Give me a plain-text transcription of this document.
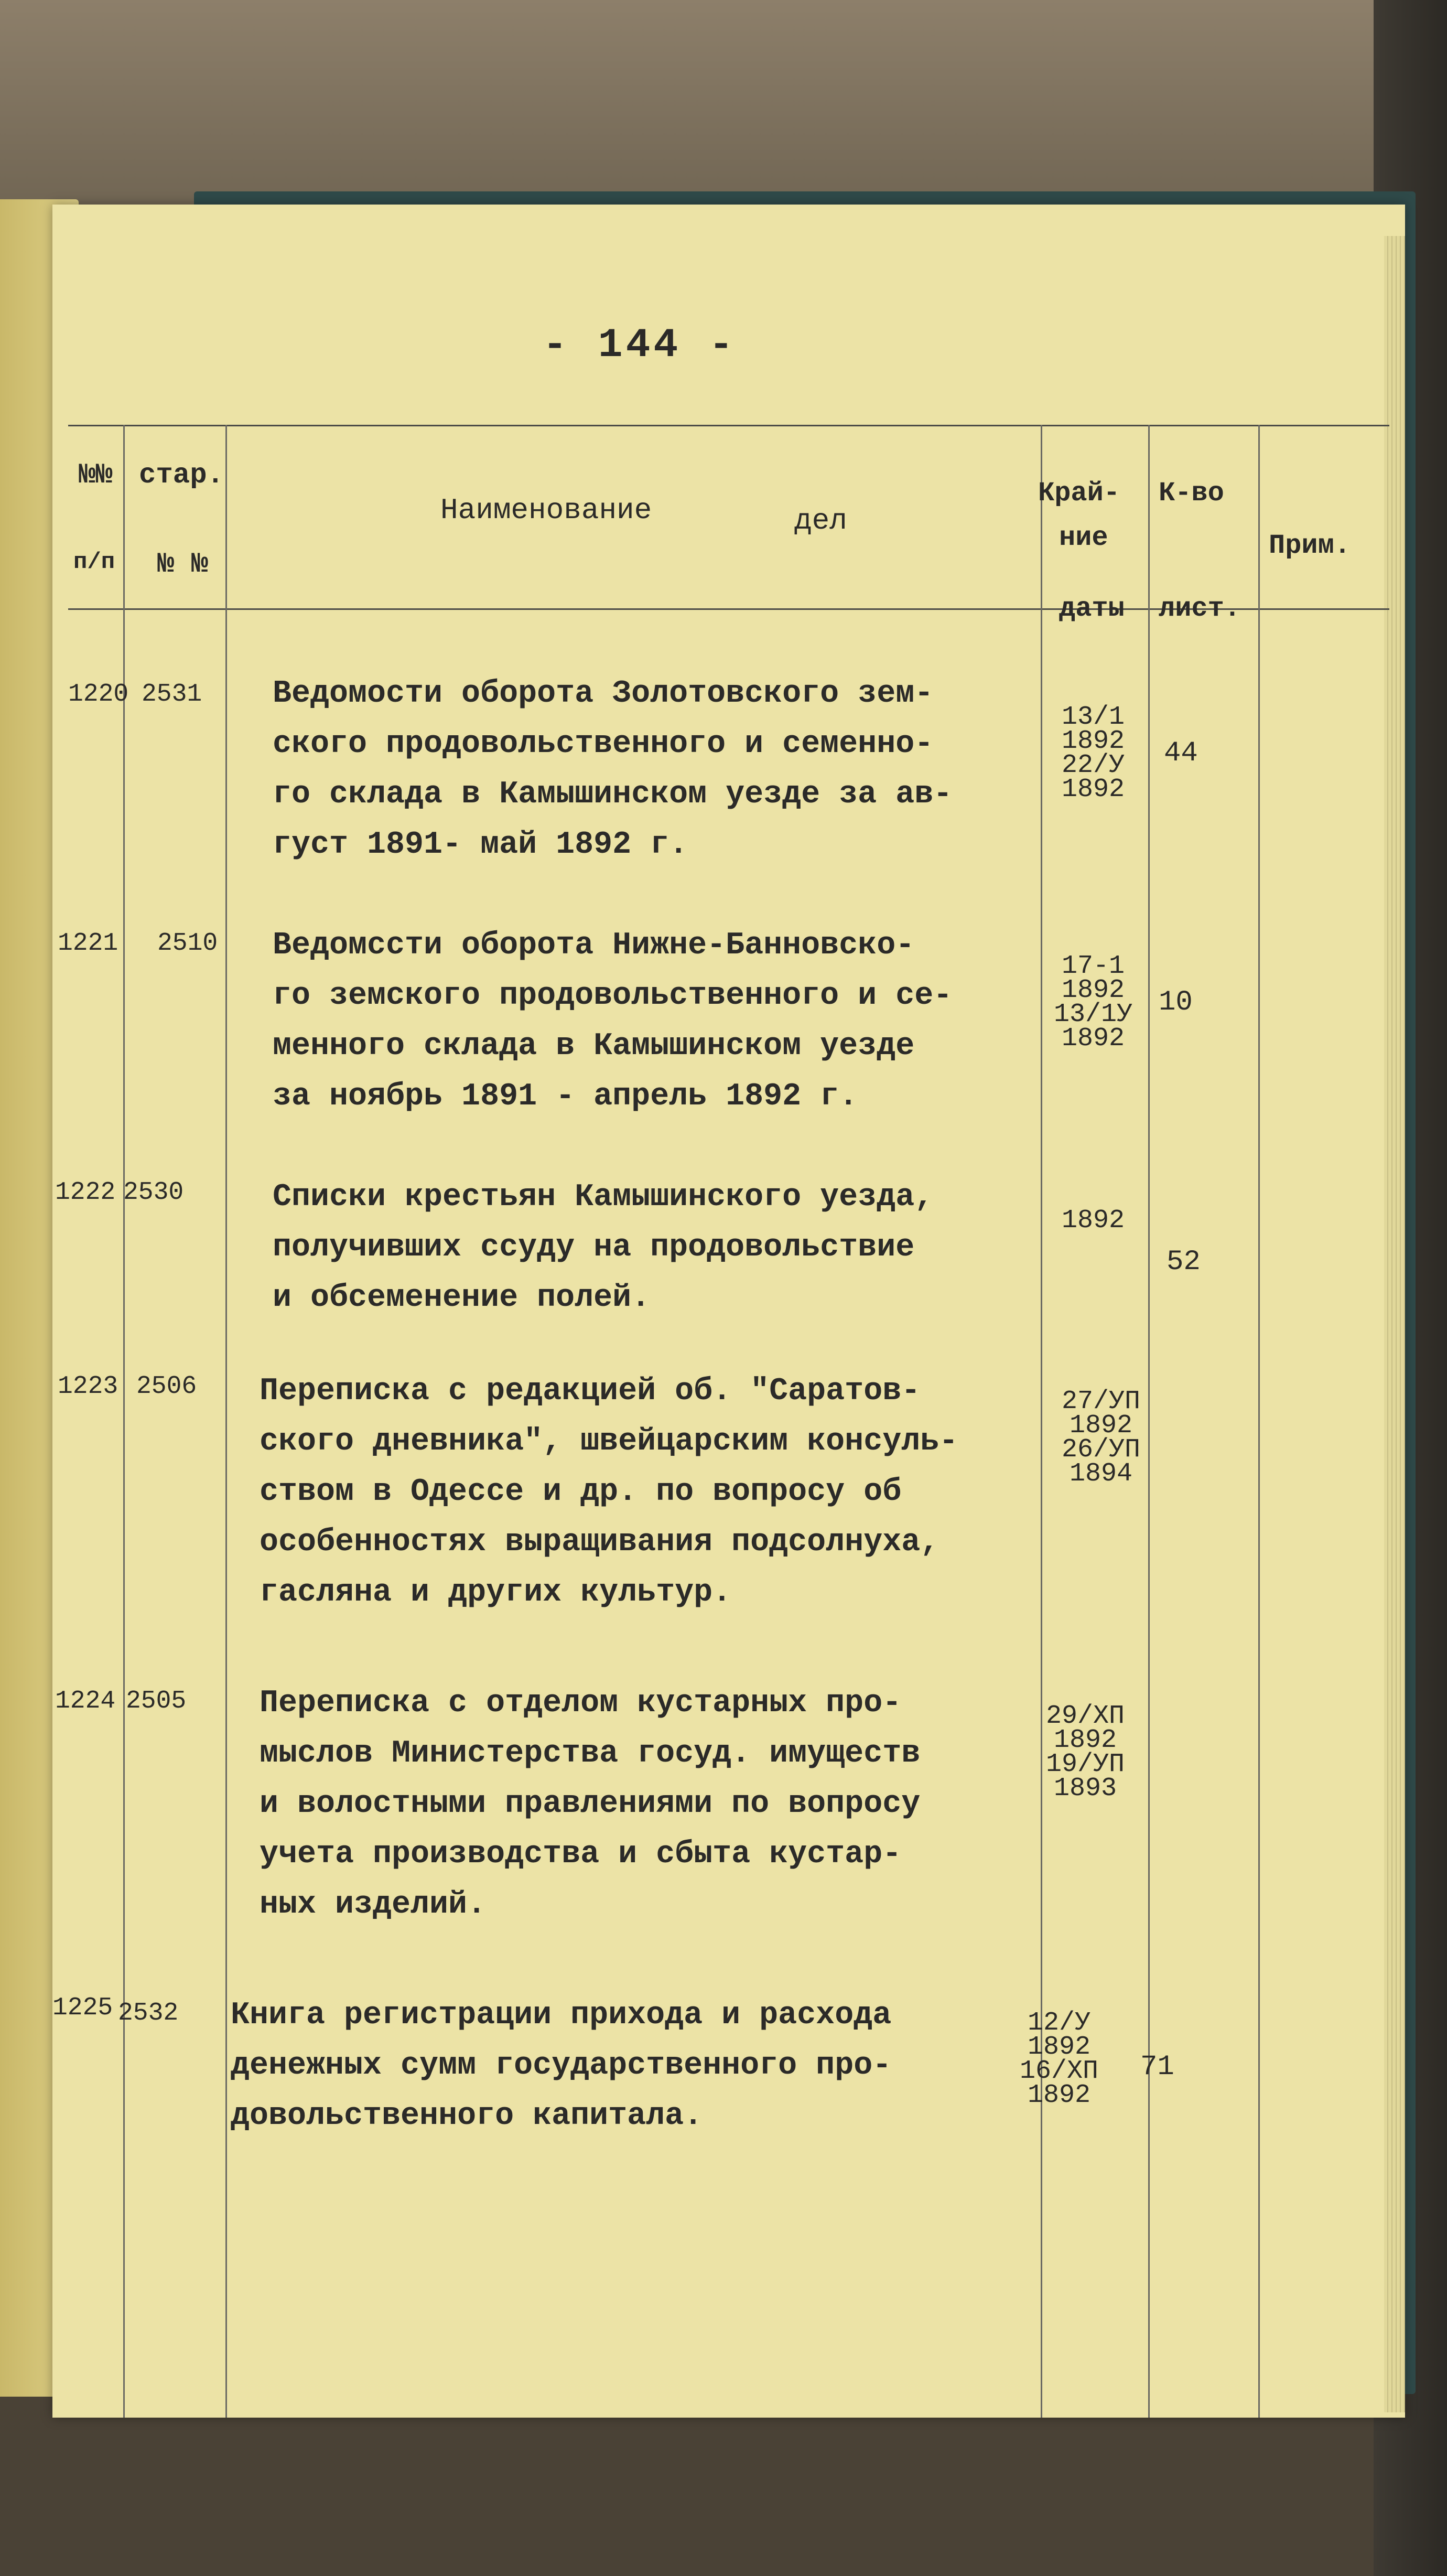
- 144 -
№№
п/п
стар.
№ №
Наименование	дел
Край-
ние
даты
К-во
лист.
Прим.
1220 2531 Ведомости оборота Золотовского зем-
ского продовольственного и семенно-
го склада в Камышинском уезде за ав-
густ 1891- май 1892 г.
13/1
1892
22/У
1892
44
1221 2510 Ведомссти оборота Нижне-Банновско-
го земского продовольственного и се-
менного склада в Камышинском уезде
за ноябрь 1891 - апрель 1892 г.
17-1
1892
13/1У
1892
10
1222 2530	Списки крестьян Камышинского уезда,
получивших ссуду на продовольствие
и обсеменение полей.
1892
52
1223 2506 Переписка с редакцией об. "Саратов-
ского дневника", швейцарским консуль-
ством в Одессе и др. по вопросу об
особенностях выращивания подсолнуха,
гасляна и других культур.
27/УП
1892
26/УП
1894
1224 2505 Переписка с отделом кустарных про-
мыслов Министерства госуд. имуществ
и волостными правлениями по вопросу
учета производства и сбыта кустар-
ных изделий.
29/ХП
1892
19/УП
1893
1225 2532 Книга регистрации прихода и расхода
денежных сумм государственного про-
довольственного капитала.
12/У
1892
16/ХП
1892
71
